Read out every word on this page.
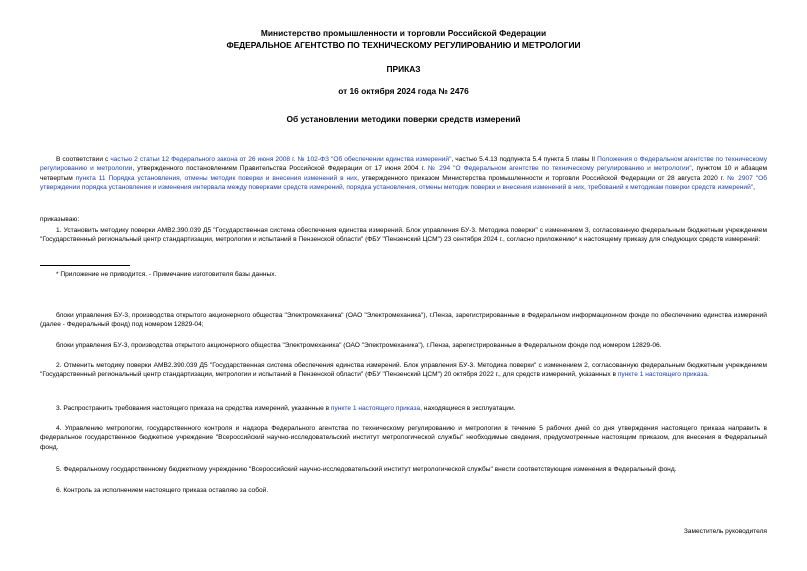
Министерство промышленности и торговли Российской Федерации
ФЕДЕРАЛЬНОЕ АГЕНТСТВО ПО ТЕХНИЧЕСКОМУ РЕГУЛИРОВАНИЮ И МЕТРОЛОГИИ
ПРИКАЗ
от 16 октября 2024 года № 2476
Об установлении методики поверки средств измерений
В соответствии с частью 2 статьи 12 Федерального закона от 26 июня 2008 г. № 102-ФЗ "Об обеспечении единства измерений", частью 5.4.13 подпункта 5.4 пункта 5 главы II Положения о Федеральном агентстве по техническому регулированию и метрологии, утвержденного постановлением Правительства Российской Федерации от 17 июня 2004 г. № 294 "О Федеральном агентстве по техническому регулированию и метрологии", пунктом 10 и абзацем четвертым пункта 11 Порядка установления, отмены методик поверки и внесения изменений в них, утвержденного приказом Министерства промышленности и торговли Российской Федерации от 28 августа 2020 г. № 2907 "Об утверждении порядка установления и изменения интервала между поверками средств измерений, порядка установления, отмены методик поверки и внесения изменений в них, требований к методикам поверки средств измерений",
приказываю:
1. Установить методику поверки АМВ2.390.039 Д5 "Государственная система обеспечения единства измерений. Блок управления БУ-3. Методика поверки" с изменением 3, согласованную федеральным бюджетным учреждением "Государственный региональный центр стандартизации, метрологии и испытаний в Пензенской области" (ФБУ "Пензенский ЦСМ") 23 сентября 2024 г., согласно приложению* к настоящему приказу для следующих средств измерений:
* Приложение не приводится. - Примечание изготовителя базы данных.
блоки управления БУ-3, производства открытого акционерного общества "Электромеханика" (ОАО "Электромеханика"), г.Пенза, зарегистрированные в Федеральном информационном фонде по обеспечению единства измерений (далее - Федеральный фонд) под номером 12829-04;
блоки управления БУ-3, производства открытого акционерного общества "Электромеханика" (ОАО "Электромеханика"), г.Пенза, зарегистрированные в Федеральном фонде под номером 12829-06.
2. Отменить методику поверки АМВ2.390.039 Д5 "Государственная система обеспечения единства измерений. Блок управления БУ-3. Методика поверки" с изменением 2, согласованную федеральным бюджетным учреждением "Государственный региональный центр стандартизации, метрологии и испытаний в Пензенской области" (ФБУ "Пензенский ЦСМ") 20 октября 2022 г., для средств измерений, указанных в пункте 1 настоящего приказа.
3. Распространить требования настоящего приказа на средства измерений, указанные в пункте 1 настоящего приказа, находящиеся в эксплуатации.
4. Управлению метрологии, государственного контроля и надзора Федерального агентства по техническому регулированию и метрологии в течение 5 рабочих дней со дня утверждения настоящего приказа направить в федеральное государственное бюджетное учреждение "Всероссийский научно-исследовательский институт метрологической службы" необходимые сведения, предусмотренные настоящим приказом, для внесения в Федеральный фонд.
5. Федеральному государственному бюджетному учреждению "Всероссийский научно-исследовательский институт метрологической службы" внести соответствующие изменения в Федеральный фонд.
6. Контроль за исполнением настоящего приказа оставляю за собой.
Заместитель руководителя
